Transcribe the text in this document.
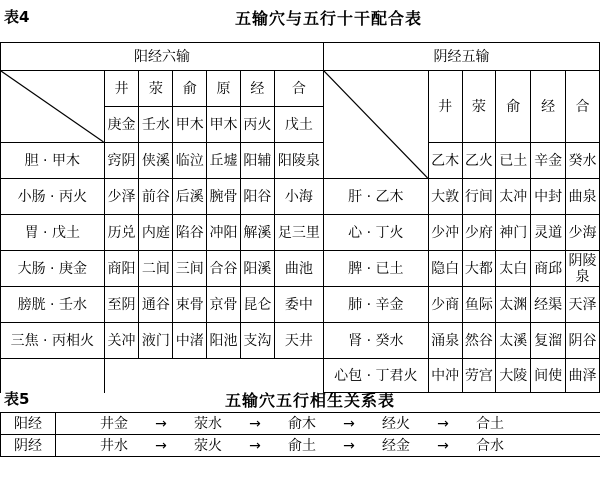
表4	五输穴与五行十干配合表
阳经六输							阴经五输					

	井	荥	俞	原	经	合		井	荥	俞	经	合
	庚金	壬水	甲木	甲木	丙火	戊土						
胆 · 甲木	窍阴	侠溪	临泣	丘墟	阳辅	阳陵泉		乙木	乙火	已土	辛金	癸水
小肠 · 丙火	少泽	前谷	后溪	腕骨	阳谷	小海	肝 · 乙木	大敦	行间	太冲	中封	曲泉
胃 · 戊土	历兑	内庭	陷谷	冲阳	解溪	足三里	心 · 丁火	少冲	少府	神门	灵道	少海
大肠 · 庚金	商阳	二间	三间	合谷	阳溪	曲池	脾 · 已土	隐白	大都	太白	商邱	阴陵泉
膀胱 · 壬水	至阴	通谷	束骨	京骨	昆仑	委中	肺 · 辛金	少商	鱼际	太渊	经渠	天泽
三焦 · 丙相火	关冲	液门	中渚	阳池	支沟	天井	肾 · 癸水	涌泉	然谷	太溪	复溜	阴谷
							心包 · 丁君火	中冲	劳宫	大陵	间使	曲泽
表5	五输穴五行相生关系表
阳经	井金 → 荥水 → 俞木 → 经火 → 合土
阴经	井水 → 荥火 → 俞土 → 经金 → 合水
